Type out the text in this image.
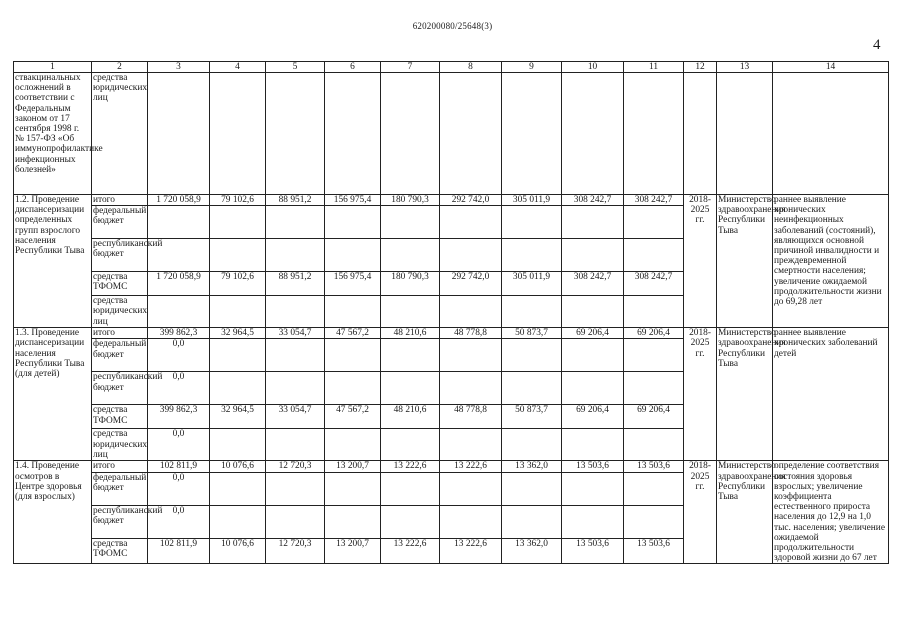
620200080/25648(3)
4
1	2	3	4	5	6	7	8	9	10	11	12	13	14
ствакцинальных осложнений в соответствии с Федеральным законом от 17 сентября 1998 г. № 157-ФЗ «Об иммунопрофилактике инфекционных болезней»	средства юридических лиц												
1.2. Проведение диспансеризации определенных групп взрослого населения Республики Тыва	итого	1 720 058,9	79 102,6	88 951,2	156 975,4	180 790,3	292 742,0	305 011,9	308 242,7	308 242,7	2018-2025 гг.	Министерство здравоохранения Республики Тыва	раннее выявление хронических неинфекционных заболеваний (состояний), являющихся основной причиной инвалидности и преждевременной смертности населения; увеличение ожидаемой продолжительности жизни до 69,28 лет
	федеральный бюджет												
	республиканский бюджет												
	средства ТФОМС	1 720 058,9	79 102,6	88 951,2	156 975,4	180 790,3	292 742,0	305 011,9	308 242,7	308 242,7			
	средства юридических лиц												
1.3. Проведение диспансеризации населения Республики Тыва (для детей)	итого	399 862,3	32 964,5	33 054,7	47 567,2	48 210,6	48 778,8	50 873,7	69 206,4	69 206,4	2018-2025 гг.	Министерство здравоохранения Республики Тыва	раннее выявление хронических заболеваний детей
	федеральный бюджет	0,0											
	республиканский бюджет	0,0											
	средства ТФОМС	399 862,3	32 964,5	33 054,7	47 567,2	48 210,6	48 778,8	50 873,7	69 206,4	69 206,4			
	средства юридических лиц	0,0											
1.4. Проведение осмотров в Центре здоровья (для взрослых)	итого	102 811,9	10 076,6	12 720,3	13 200,7	13 222,6	13 222,6	13 362,0	13 503,6	13 503,6	2018-2025 гг.	Министерство здравоохранения Республики Тыва	определение соответствия состояния здоровья взрослых; увеличение коэффициента естественного прироста населения до 12,9 на 1,0 тыс. населения; увеличение ожидаемой продолжительности здоровой жизни до 67 лет
	федеральный бюджет	0,0											
	республиканский бюджет	0,0											
	средства ТФОМС	102 811,9	10 076,6	12 720,3	13 200,7	13 222,6	13 222,6	13 362,0	13 503,6	13 503,6			
